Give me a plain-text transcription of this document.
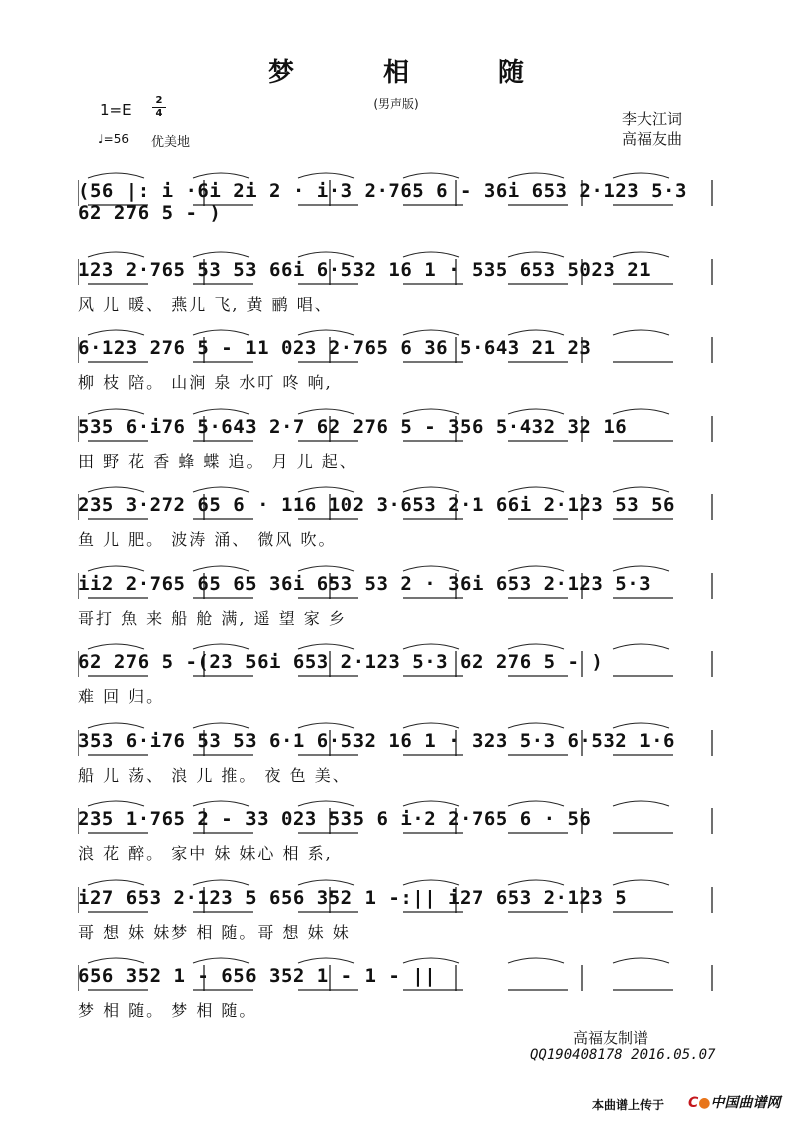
梦 相 随
(男声版)
1=E
2
4
♩=56 优美地
李大江词
高福友曲
(56 |: i ·6i 2i 2 · i·3 2·765 6 - 36i 653 2·123 5·3 62 276 5 - )
123 2·765 53 53 66i 6·532 16 1 · 535 653 5023 21
风 儿 暖、 燕儿 飞, 黄 鹂 唱、
6·123 276 5 - 11 023 2·765 6 36 5·643 21 23
柳 枝 陪。 山涧 泉 水叮 咚 响,
535 6·i76 5·643 2·7 62 276 5 - 356 5·432 32 16
田 野 花 香 蜂 蝶 追。 月 儿 起、
235 3·272 65 6 · 116 102 3·653 2·1 66i 2·123 53 56
鱼 儿 肥。 波涛 涌、 微风 吹。
ii2 2·765 65 65 36i 653 53 2 · 36i 653 2·123 5·3
哥打 魚 来 船 舱 满, 遥 望 家 乡
62 276 5 -(23 56i 653 2·123 5·3 62 276 5 - )
难 回 归。
353 6·i76 53 53 6·1 6·532 16 1 · 323 5·3 6·532 1·6
船 儿 荡、 浪 儿 推。 夜 色 美、
235 1·765 2 - 33 023 535 6 i·2 2·765 6 · 56
浪 花 醉。 家中 妹 妹心 相 系,
i27 653 2·123 5 656 352 1 -:|| i27 653 2·123 5
哥 想 妹 妹梦 相 随。哥 想 妹 妹
656 352 1 - 656 352 1 - 1 - ||
梦 相 随。 梦 相 随。
高福友制谱
QQ190408178 2016.05.07
本曲谱上传于 C●中国曲谱网
